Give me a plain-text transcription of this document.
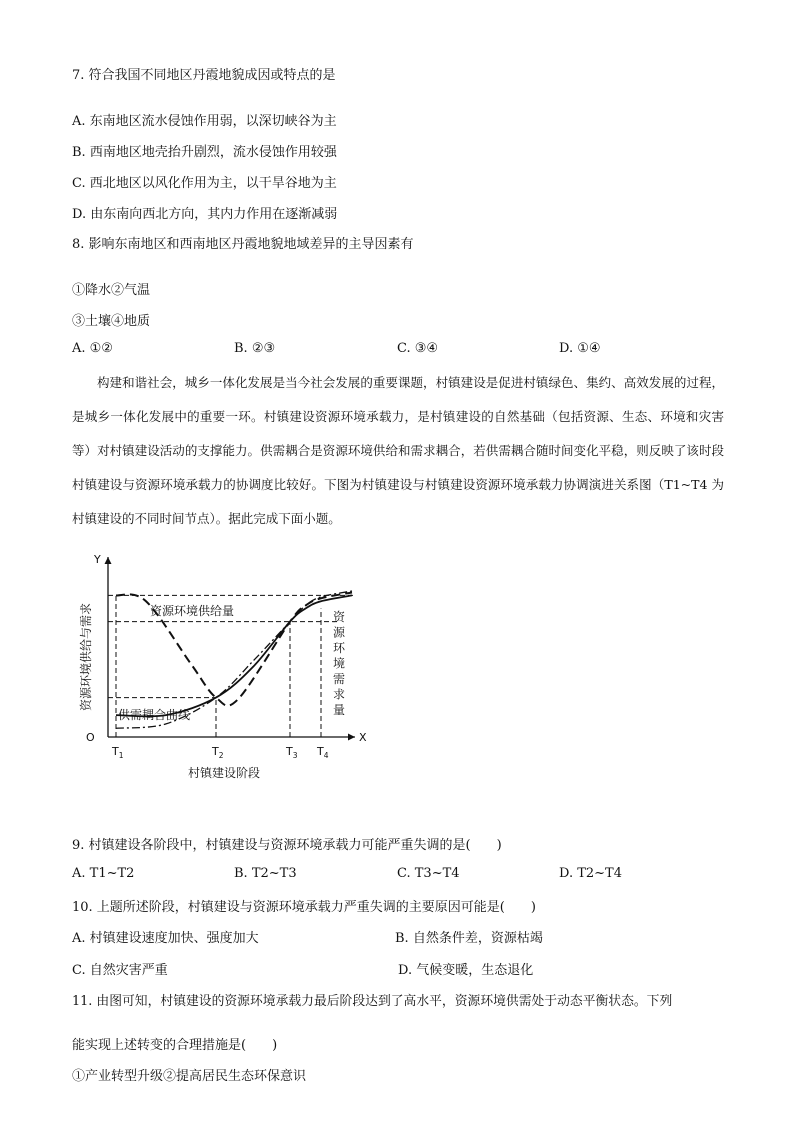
7. 符合我国不同地区丹霞地貌成因或特点的是
A. 东南地区流水侵蚀作用弱，以深切峡谷为主
B. 西南地区地壳抬升剧烈，流水侵蚀作用较强
C. 西北地区以风化作用为主，以干旱谷地为主
D. 由东南向西北方向，其内力作用在逐渐减弱
8. 影响东南地区和西南地区丹霞地貌地域差异的主导因素有
①降水②气温
③土壤④地质
A. ①②	B. ②③	C. ③④	D. ①④
构建和谐社会，城乡一体化发展是当今社会发展的重要课题，村镇建设是促进村镇绿色、集约、高效发展的过程，是城乡一体化发展中的重要一环。村镇建设资源环境承载力，是村镇建设的自然基础（包括资源、生态、环境和灾害等）对村镇建设活动的支撑能力。供需耦合是资源环境供给和需求耦合，若供需耦合随时间变化平稳，则反映了该时段村镇建设与资源环境承载力的协调度比较好。下图为村镇建设与村镇建设资源环境承载力协调演进关系图（T1~T4 为村镇建设的不同时间节点）。据此完成下面小题。
Y
X
O
资源环境供给与需求
$T_1$	$T_2$	$T_3$ $T_4$
村镇建设阶段
资源环境供给量	资源环境需求量
供需耦合曲线
9. 村镇建设各阶段中，村镇建设与资源环境承载力可能严重失调的是(　　)
A. T1~T2	B. T2~T3	C. T3~T4	D. T2~T4
10. 上题所述阶段，村镇建设与资源环境承载力严重失调的主要原因可能是(　　)
A. 村镇建设速度加快、强度加大	B. 自然条件差，资源枯竭
C. 自然灾害严重	D. 气候变暖，生态退化
11. 由图可知，村镇建设的资源环境承载力最后阶段达到了高水平，资源环境供需处于动态平衡状态。下列
能实现上述转变的合理措施是(　　)
①产业转型升级②提高居民生态环保意识
